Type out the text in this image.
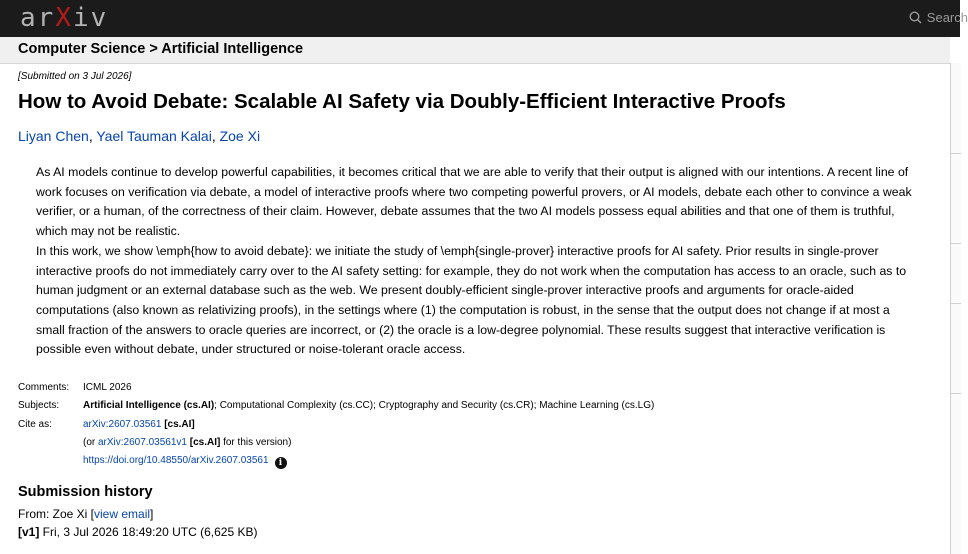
arXiv	Search
Computer Science > Artificial Intelligence
[Submitted on 3 Jul 2026]
How to Avoid Debate: Scalable AI Safety via Doubly-Efficient Interactive Proofs
Liyan Chen, Yael Tauman Kalai, Zoe Xi

As AI models continue to develop powerful capabilities, it becomes critical that we are able to verify that their output is aligned with our intentions. A recent line of work focuses on verification via debate, a model of interactive proofs where two competing powerful provers, or AI models, debate each other to convince a weak verifier, or a human, of the correctness of their claim. However, debate assumes that the two AI models possess equal abilities and that one of them is truthful, which may not be realistic.

In this work, we show \emph{how to avoid debate}: we initiate the study of \emph{single-prover} interactive proofs for AI safety. Prior results in single-prover interactive proofs do not immediately carry over to the AI safety setting: for example, they do not work when the computation has access to an oracle, such as to human judgment or an external database such as the web. We present doubly-efficient single-prover interactive proofs and arguments for oracle-aided computations (also known as relativizing proofs), in the settings where (1) the computation is robust, in the sense that the output does not change if at most a small fraction of the answers to oracle queries are incorrect, or (2) the oracle is a low-degree polynomial. These results suggest that interactive verification is possible even without debate, under structured or noise-tolerant oracle access.

Comments:	ICML 2026
Subjects:	Artificial Intelligence (cs.AI); Computational Complexity (cs.CC); Cryptography and Security (cs.CR); Machine Learning (cs.LG)
Cite as:	arXiv:2607.03561 [cs.AI]
	(or arXiv:2607.03561v1 [cs.AI] for this version)
	https://doi.org/10.48550/arXiv.2607.03561 i
Submission history
From: Zoe Xi [view email]
[v1] Fri, 3 Jul 2026 18:49:20 UTC (6,625 KB)
